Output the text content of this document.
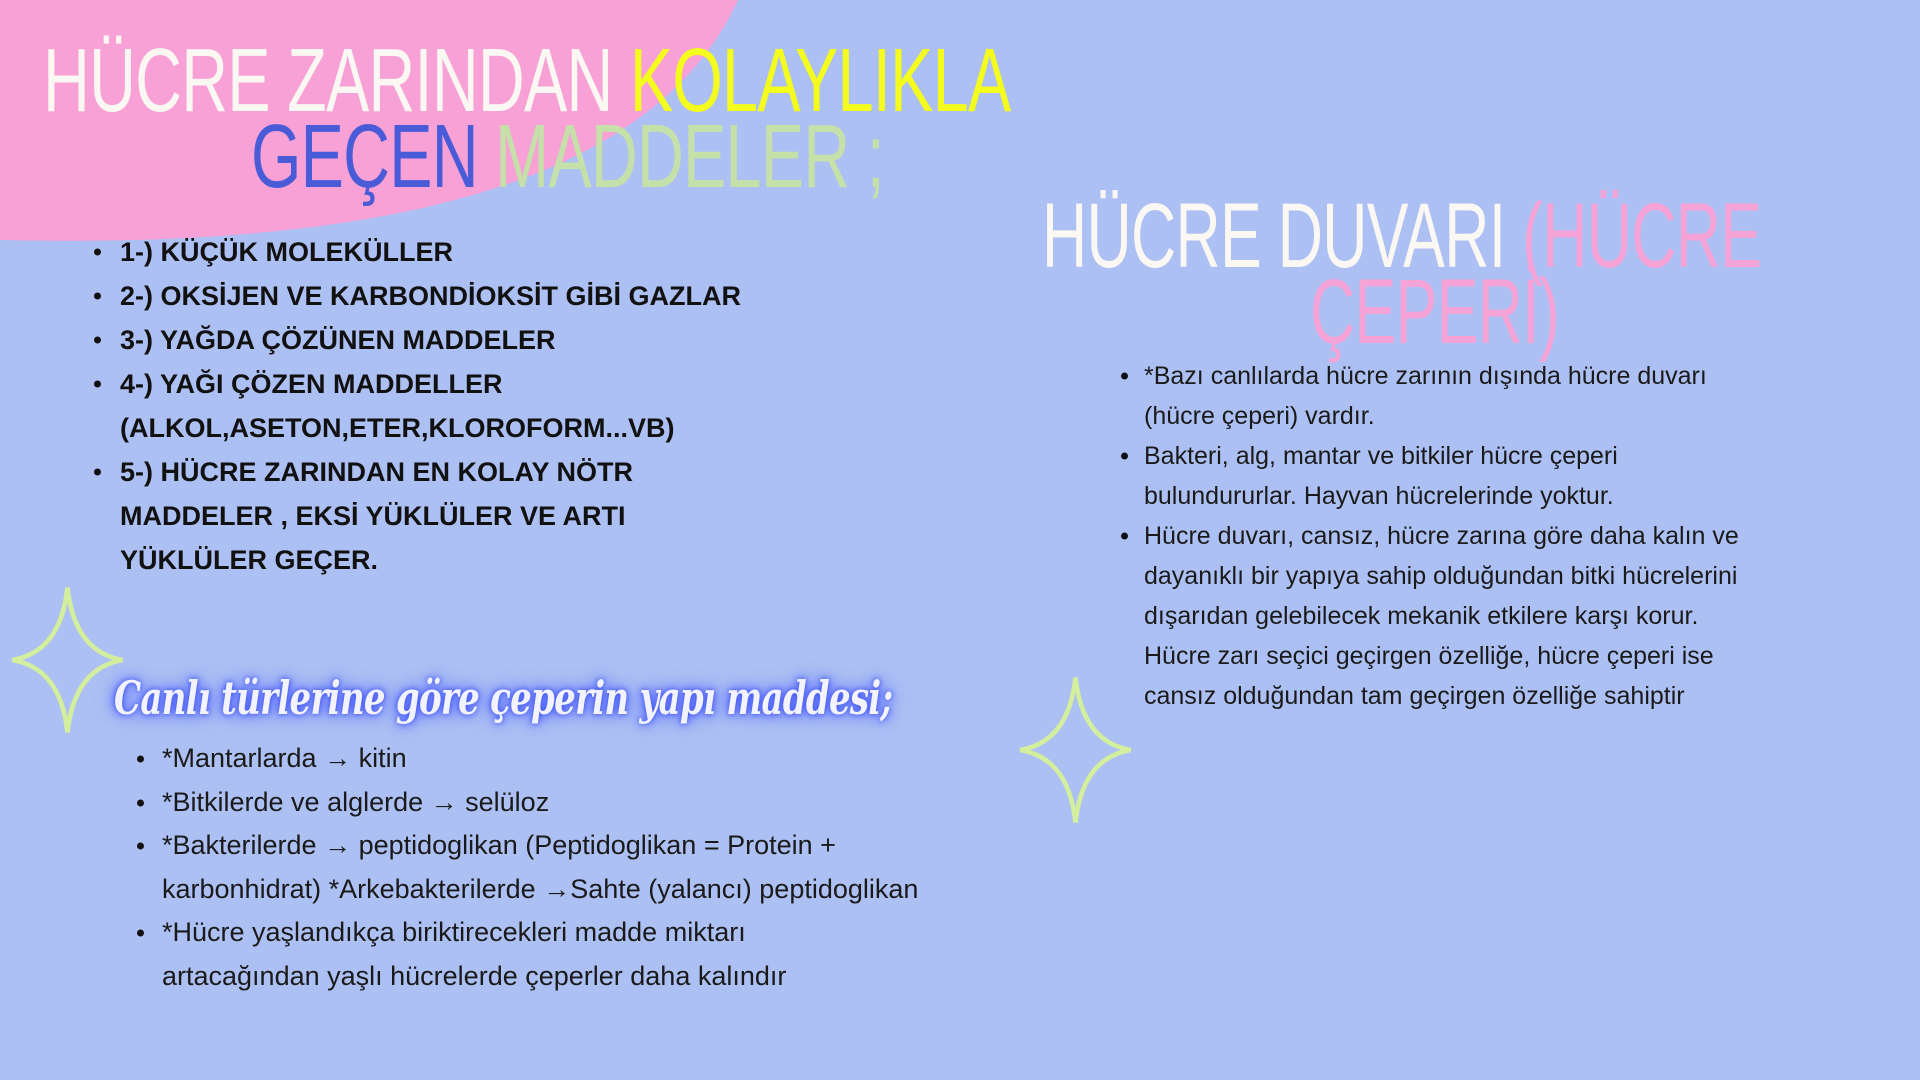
HÜCRE ZARINDAN KOLAYLIKLA
GEÇEN MADDELER ;
1-) KÜÇÜK MOLEKÜLLER
2-) OKSİJEN VE KARBONDİOKSİT GİBİ GAZLAR
3-) YAĞDA ÇÖZÜNEN MADDELER
4-) YAĞI ÇÖZEN MADDELLER (ALKOL,ASETON,ETER,KLOROFORM...VB)
5-) HÜCRE ZARINDAN EN KOLAY NÖTR MADDELER , EKSİ YÜKLÜLER VE ARTI YÜKLÜLER GEÇER.
HÜCRE DUVARI (HÜCRE
ÇEPERİ)
*Bazı canlılarda hücre zarının dışında hücre duvarı (hücre çeperi) vardır.
Bakteri, alg, mantar ve bitkiler hücre çeperi bulundururlar. Hayvan hücrelerinde yoktur.
Hücre duvarı, cansız, hücre zarına göre daha kalın ve dayanıklı bir yapıya sahip olduğundan bitki hücrelerini dışarıdan gelebilecek mekanik etkilere karşı korur. Hücre zarı seçici geçirgen özelliğe, hücre çeperi ise cansız olduğundan tam geçirgen özelliğe sahiptir
Canlı türlerine göre çeperin yapı maddesi;
*Mantarlarda → kitin
*Bitkilerde ve alglerde → selüloz
*Bakterilerde → peptidoglikan (Peptidoglikan = Protein + karbonhidrat) *Arkebakterilerde →Sahte (yalancı) peptidoglikan
*Hücre yaşlandıkça biriktirecekleri madde miktarı artacağından yaşlı hücrelerde çeperler daha kalındır
